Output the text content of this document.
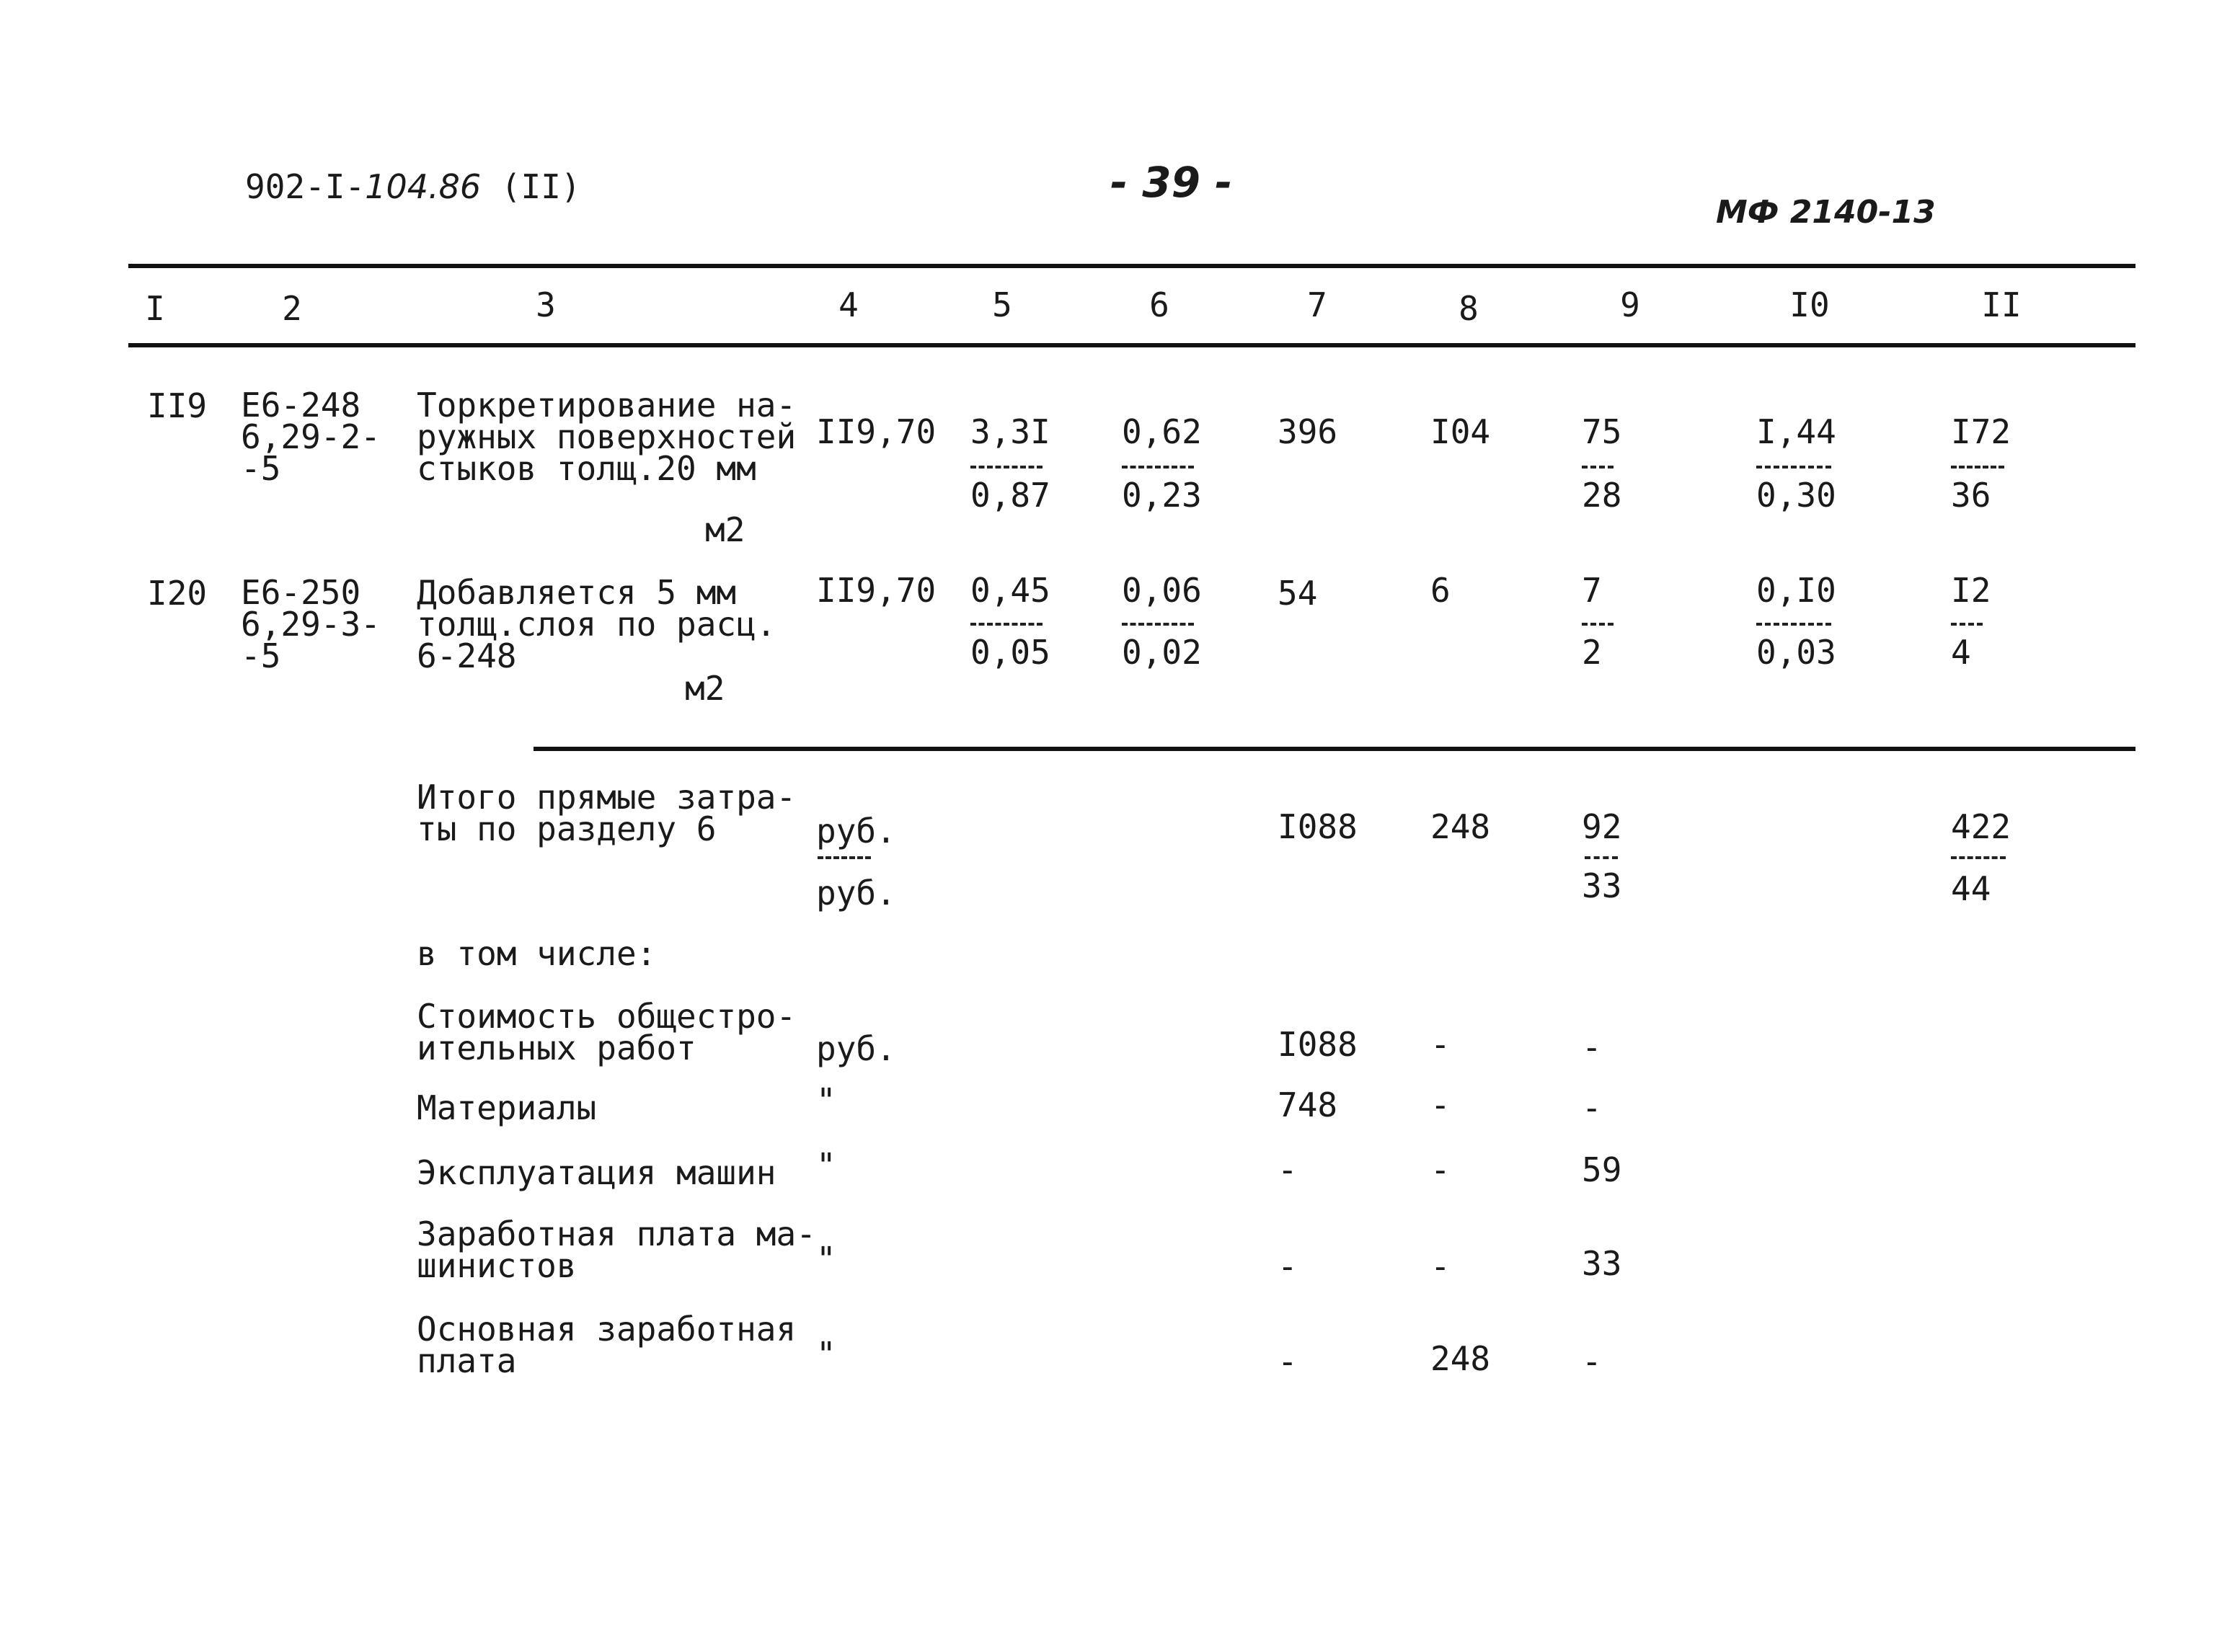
902-I-104.86 (II)	- 39 -
МФ 2140-13
I	2	3	4	5	6	7	8	9	I0	II
II9 Е6-248
6,29-2-
-5
Торкретирование на-
ружных поверхностей
стыков толщ.20 мм
м2
II9,70 3,3I
0,87
0,62
0,23
396	I04	75
28
I,44
0,30
I72
36
I20 Е6-250
6,29-3-
-5
Добавляется 5 мм
толщ.слоя по расц.
6-248
м2
II9,70 0,45
0,05
0,06
0,02
54	6	7
2
0,I0
0,03
I2
4
Итого прямые затра-
ты по разделу 6	руб.
руб.
I088 248	92
33
422
44
в том числе:
Стоимость общестро-
ительных работ	руб.	I088 -	-
Материалы	"	748	-	-
Эксплуатация машин "	-	-	59
Заработная плата ма-
шинистов	"	-	-	33
Основная заработная
плата	"	-	248	-
